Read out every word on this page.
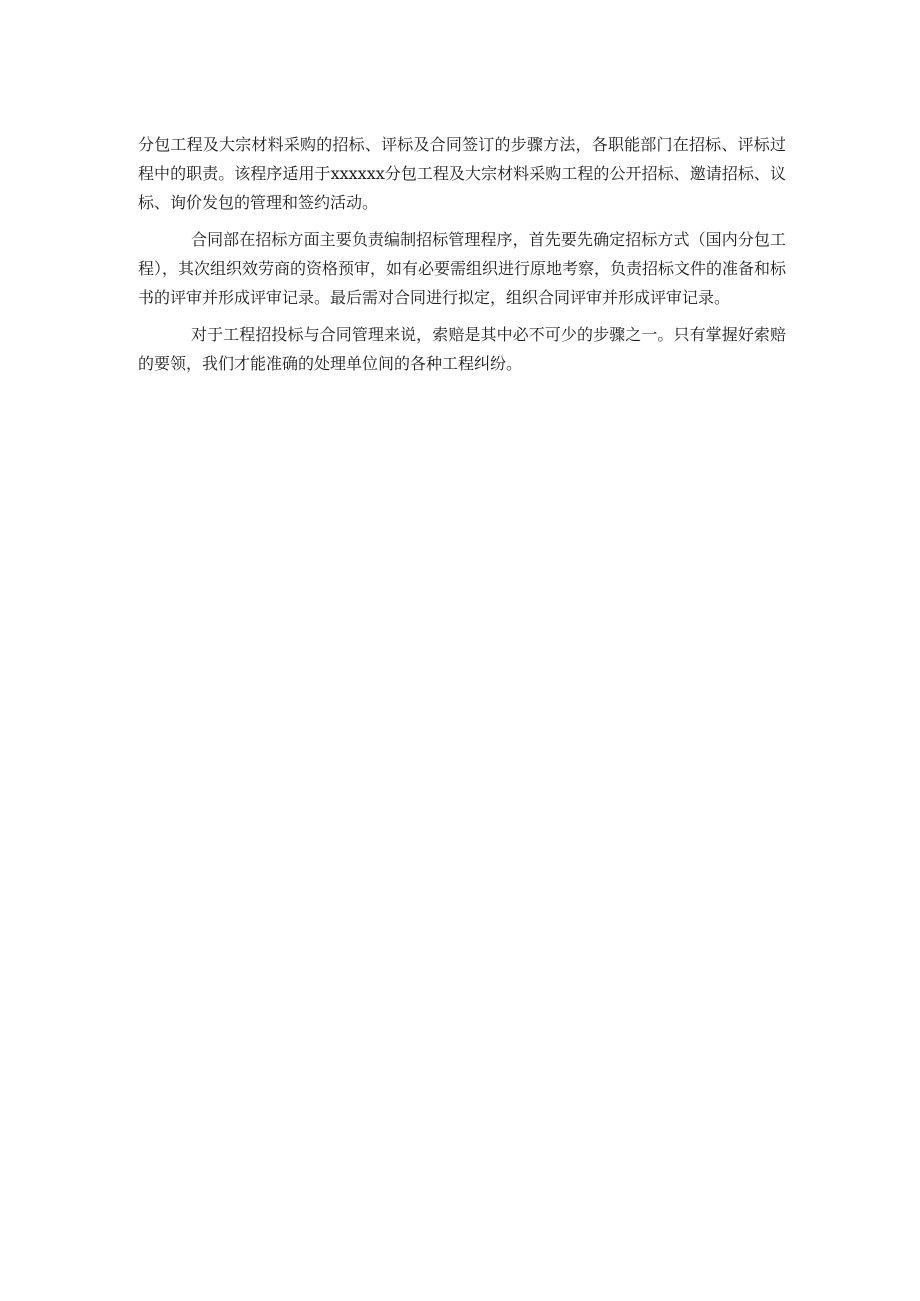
分包工程及大宗材料采购的招标、评标及合同签订的步骤方法，各职能部门在招标、评标过程中的职责。该程序适用于xxxxxx分包工程及大宗材料采购工程的公开招标、邀请招标、议标、询价发包的管理和签约活动。

合同部在招标方面主要负责编制招标管理程序，首先要先确定招标方式（国内分包工程），其次组织效劳商的资格预审，如有必要需组织进行原地考察，负责招标文件的准备和标书的评审并形成评审记录。最后需对合同进行拟定，组织合同评审并形成评审记录。

对于工程招投标与合同管理来说，索赔是其中必不可少的步骤之一。只有掌握好索赔的要领，我们才能准确的处理单位间的各种工程纠纷。
